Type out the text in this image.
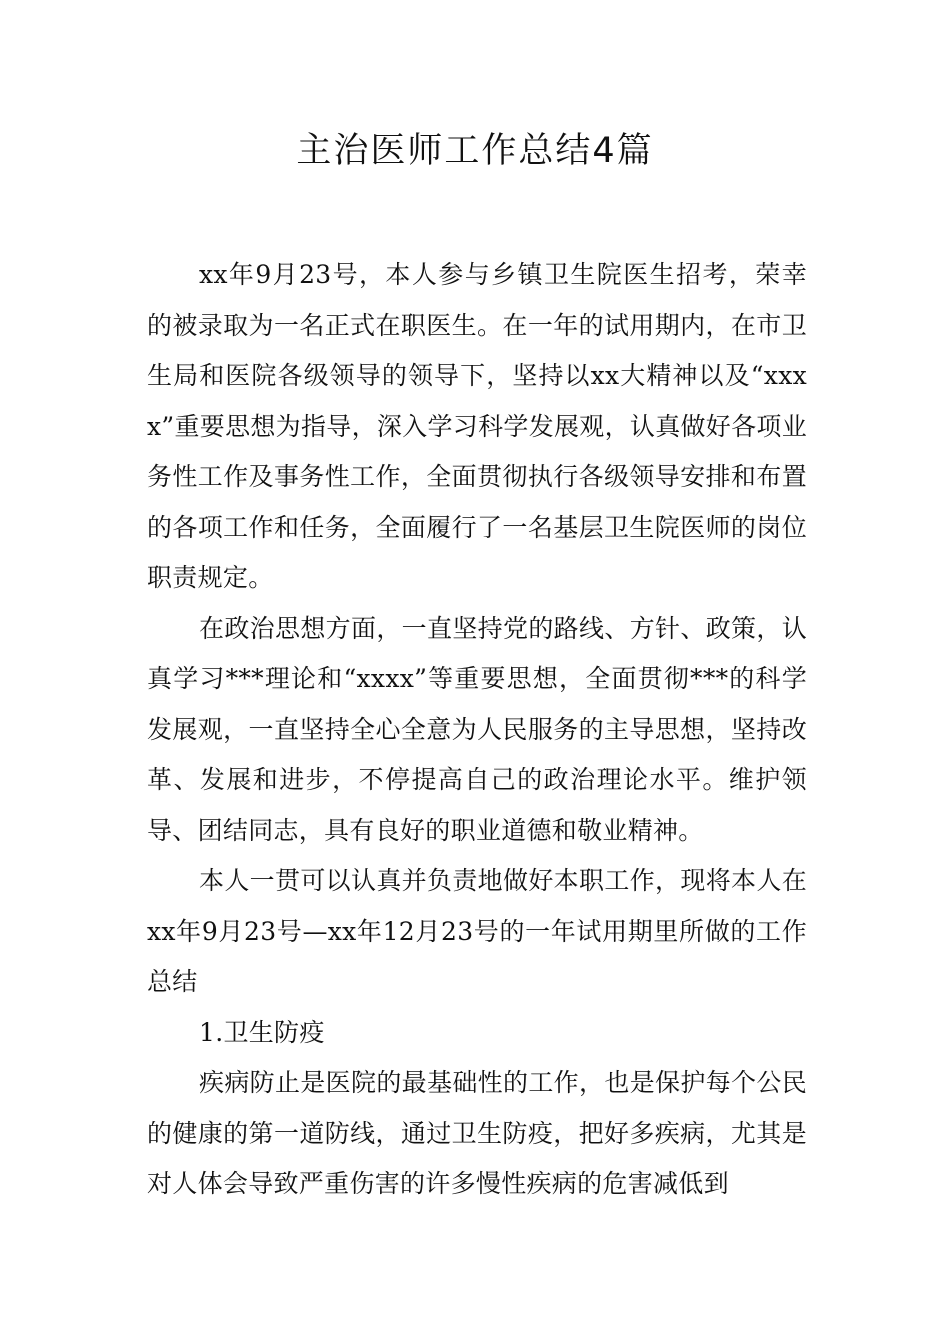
主治医师工作总结4篇

xx年9月23号，本人参与乡镇卫生院医生招考，荣幸的被录取为一名正式在职医生。在一年的试用期内，在市卫生局和医院各级领导的领导下，坚持以xx大精神以及“xxxx”重要思想为指导，深入学习科学发展观，认真做好各项业务性工作及事务性工作，全面贯彻执行各级领导安排和布置的各项工作和任务，全面履行了一名基层卫生院医师的岗位职责规定。

在政治思想方面，一直坚持党的路线、方针、政策，认真学习***理论和“xxxx”等重要思想，全面贯彻***的科学发展观，一直坚持全心全意为人民服务的主导思想，坚持改革、发展和进步，不停提高自己的政治理论水平。维护领导、团结同志，具有良好的职业道德和敬业精神。

本人一贯可以认真并负责地做好本职工作，现将本人在xx年9月23号—xx年12月23号的一年试用期里所做的工作总结

1.卫生防疫

疾病防止是医院的最基础性的工作，也是保护每个公民的健康的第一道防线，通过卫生防疫，把好多疾病，尤其是对人体会导致严重伤害的许多慢性疾病的危害减低到
